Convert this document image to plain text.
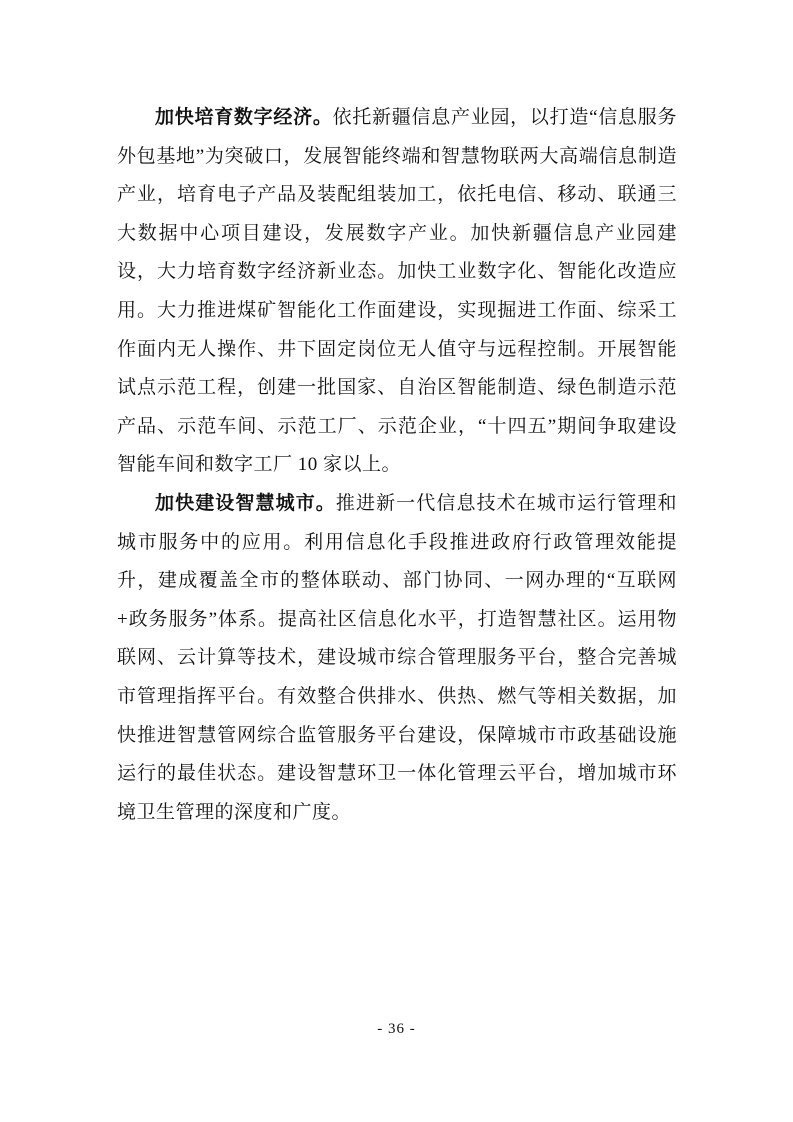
加快培育数字经济。依托新疆信息产业园，以打造“信息服务外包基地”为突破口，发展智能终端和智慧物联两大高端信息制造产业，培育电子产品及装配组装加工，依托电信、移动、联通三大数据中心项目建设，发展数字产业。加快新疆信息产业园建设，大力培育数字经济新业态。加快工业数字化、智能化改造应用。大力推进煤矿智能化工作面建设，实现掘进工作面、综采工作面内无人操作、井下固定岗位无人值守与远程控制。开展智能试点示范工程，创建一批国家、自治区智能制造、绿色制造示范产品、示范车间、示范工厂、示范企业，“十四五”期间争取建设智能车间和数字工厂 10 家以上。

加快建设智慧城市。推进新一代信息技术在城市运行管理和城市服务中的应用。利用信息化手段推进政府行政管理效能提升，建成覆盖全市的整体联动、部门协同、一网办理的“互联网+政务服务”体系。提高社区信息化水平，打造智慧社区。运用物联网、云计算等技术，建设城市综合管理服务平台，整合完善城市管理指挥平台。有效整合供排水、供热、燃气等相关数据，加快推进智慧管网综合监管服务平台建设，保障城市市政基础设施运行的最佳状态。建设智慧环卫一体化管理云平台，增加城市环境卫生管理的深度和广度。

- 36 -
